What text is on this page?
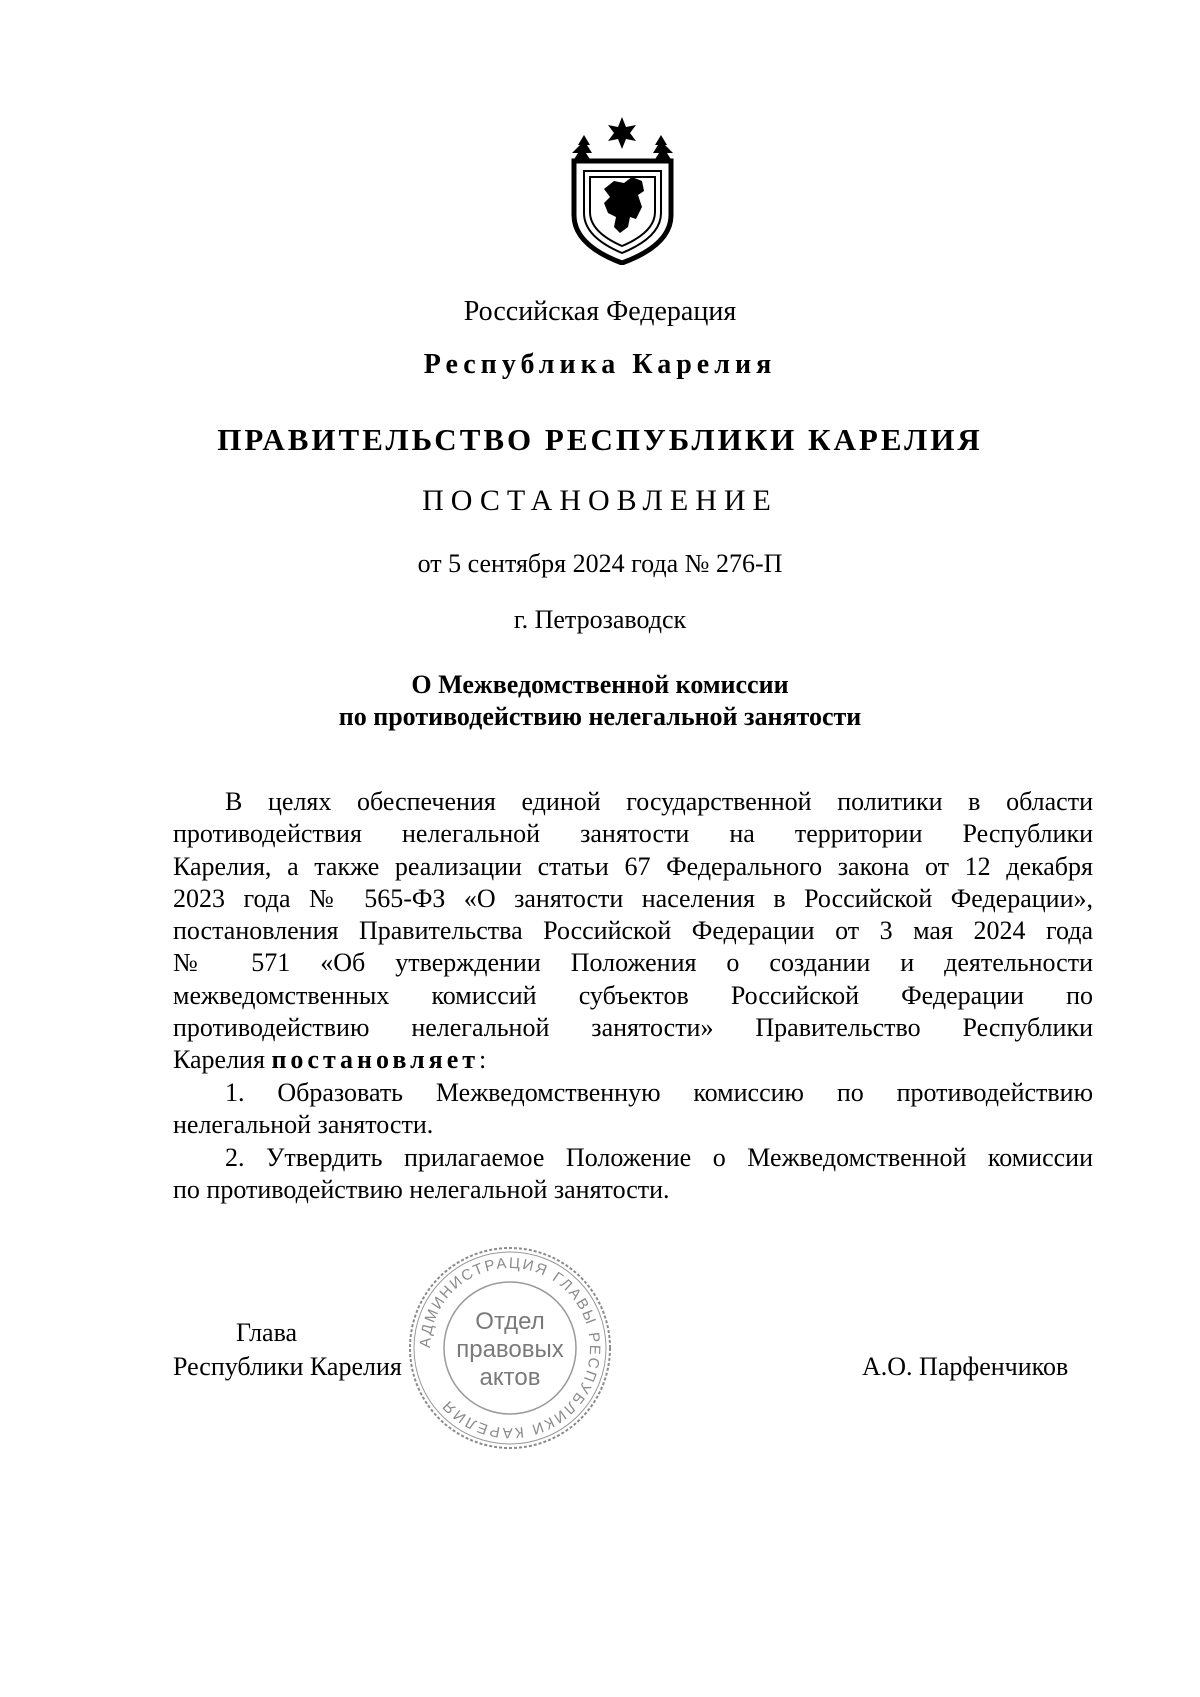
Российская Федерация
Республика Карелия
ПРАВИТЕЛЬСТВО РЕСПУБЛИКИ КАРЕЛИЯ
ПОСТАНОВЛЕНИЕ
от 5 сентября 2024 года № 276-П
г. Петрозаводск
О Межведомственной комиссии
по противодействию нелегальной занятости
В целях обеспечения единой государственной политики в области
противодействия нелегальной занятости на территории Республики
Карелия, а также реализации статьи 67 Федерального закона от 12 декабря
2023 года № 565-ФЗ «О занятости населения в Российской Федерации»,
постановления Правительства Российской Федерации от 3 мая 2024 года
№ 571 «Об утверждении Положения о создании и деятельности
межведомственных комиссий субъектов Российской Федерации по
противодействию нелегальной занятости» Правительство Республики
Карелия постановляет:
1. Образовать Межведомственную комиссию по противодействию
нелегальной занятости.
2. Утвердить прилагаемое Положение о Межведомственной комиссии
по противодействию нелегальной занятости.
Глава
Республики Карелия	А.О. Парфенчиков
АДМИНИСТРАЦИЯ ГЛАВЫ РЕСПУБЛИКИ КАРЕЛИЯ
Отдел
правовых
актов
